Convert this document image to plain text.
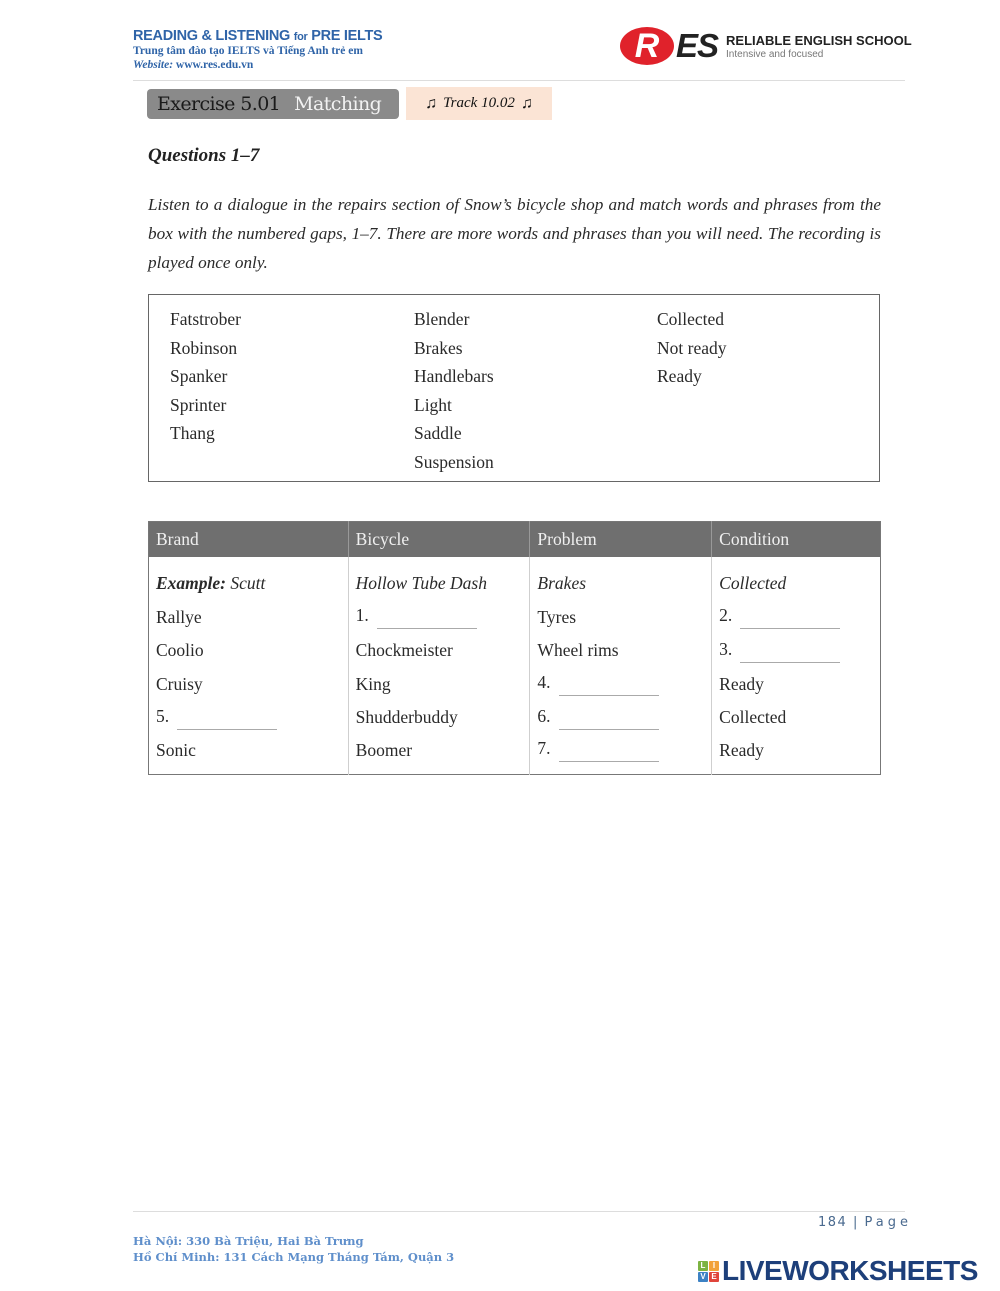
READING & LISTENING for PRE IELTS
Trung tâm đào tạo IELTS và Tiếng Anh trẻ em
Website: www.res.edu.vn	R ES RELIABLE ENGLISH SCHOOL
Intensive and focused
Exercise 5.01 Matching	♫ Track 10.02 ♫
Questions 1–7
Listen to a dialogue in the repairs section of Snow’s bicycle shop and match words and phrases from the box with the numbered gaps, 1–7. There are more words and phrases than you will need. The recording is played once only.
Fatstrober
Robinson
Spanker
Sprinter
Thang
Blender
Brakes
Handlebars
Light
Saddle
Suspension
Collected
Not ready
Ready
Brand	Bicycle	Problem	Condition
Example: Scutt	Hollow Tube Dash	Brakes	Collected
Rallye	1.	Tyres	2.
Coolio	Chockmeister	Wheel rims	3.
Cruisy	King	4.	Ready
5.	Shudderbuddy	6.	Collected
Sonic	Boomer	7.	Ready
184 | Page
Hà Nội: 330 Bà Triệu, Hai Bà Trưng
Hồ Chí Minh: 131 Cách Mạng Tháng Tám, Quận 3
L I
V E LIVEWORKSHEETS
